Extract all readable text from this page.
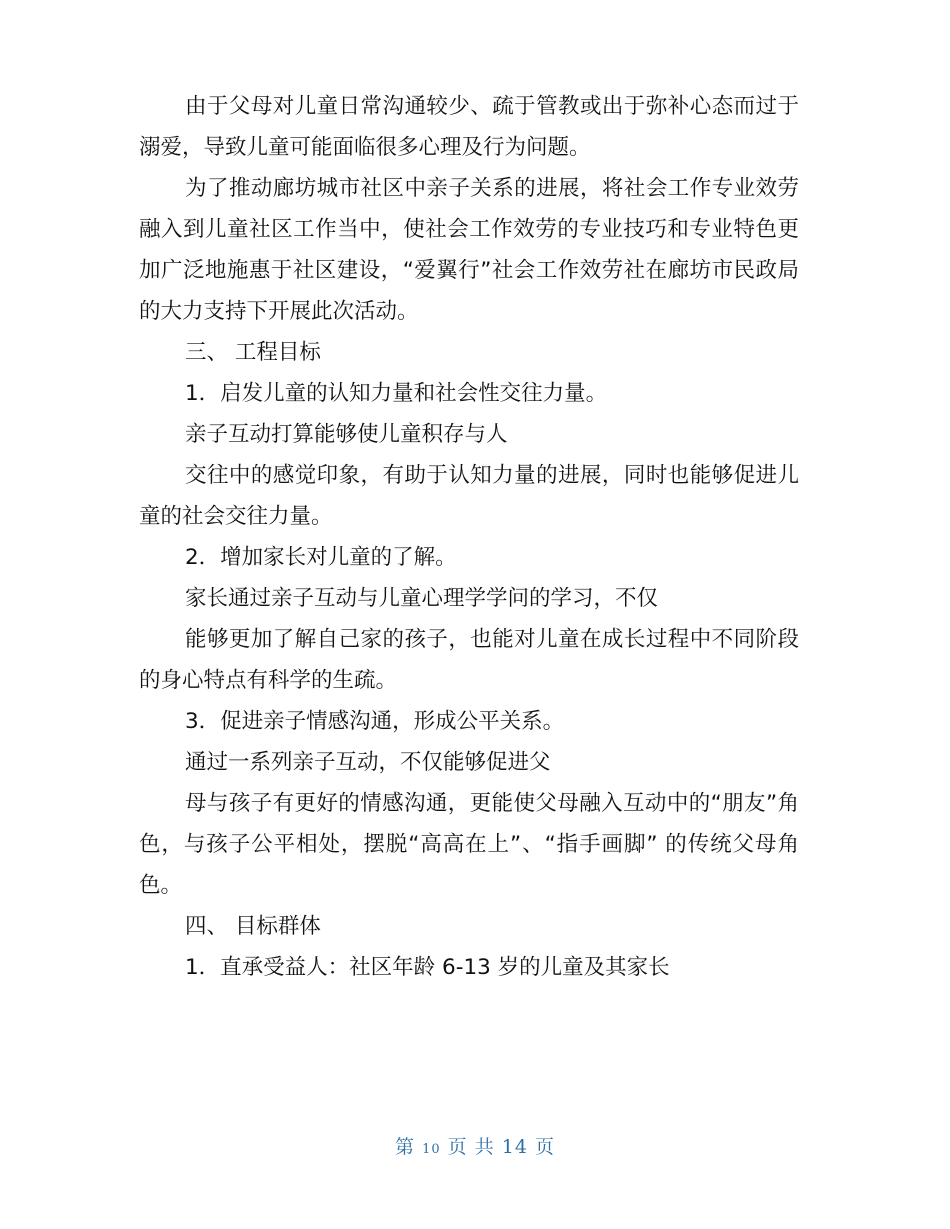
由于父母对儿童日常沟通较少、疏于管教或出于弥补心态而过于溺爱，导致儿童可能面临很多心理及行为问题。

为了推动廊坊城市社区中亲子关系的进展，将社会工作专业效劳融入到儿童社区工作当中，使社会工作效劳的专业技巧和专业特色更加广泛地施惠于社区建设，“爱翼行”社会工作效劳社在廊坊市民政局的大力支持下开展此次活动。

三、 工程目标

1．启发儿童的认知力量和社会性交往力量。

亲子互动打算能够使儿童积存与人

交往中的感觉印象，有助于认知力量的进展，同时也能够促进儿童的社会交往力量。

2．增加家长对儿童的了解。

家长通过亲子互动与儿童心理学学问的学习，不仅

能够更加了解自己家的孩子，也能对儿童在成长过程中不同阶段的身心特点有科学的生疏。

3．促进亲子情感沟通，形成公平关系。

通过一系列亲子互动，不仅能够促进父

母与孩子有更好的情感沟通，更能使父母融入互动中的“朋友”角色，与孩子公平相处，摆脱“高高在上”、“指手画脚” 的传统父母角色。

四、 目标群体

1．直承受益人：社区年龄 6-13 岁的儿童及其家长

第 10 页 共 14 页
